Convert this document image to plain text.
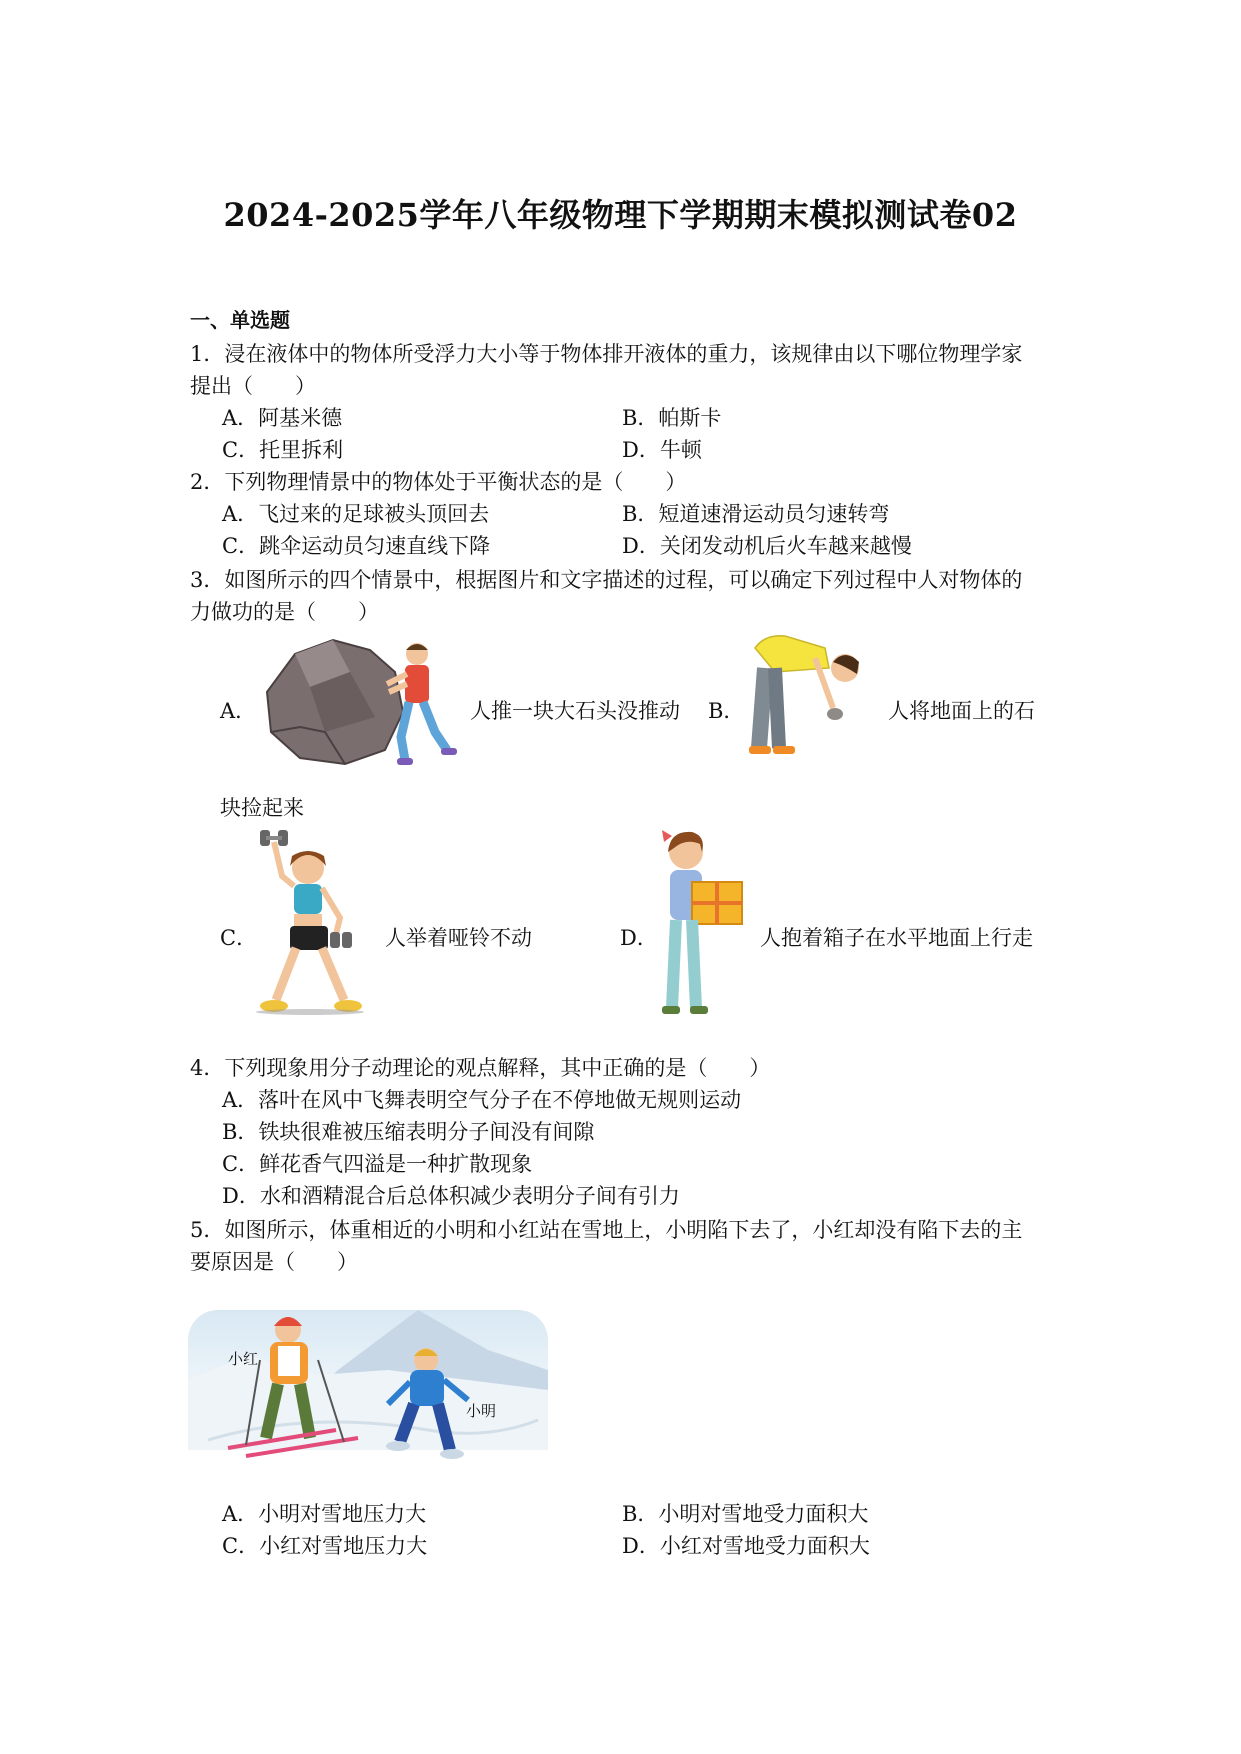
2024-2025学年八年级物理下学期期末模拟测试卷02
一、单选题
1．浸在液体中的物体所受浮力大小等于物体排开液体的重力，该规律由以下哪位物理学家
提出（　　）
A．阿基米德	B．帕斯卡
C．托里拆利	D．牛顿
2．下列物理情景中的物体处于平衡状态的是（　　）
A．飞过来的足球被头顶回去	B．短道速滑运动员匀速转弯
C．跳伞运动员匀速直线下降	D．关闭发动机后火车越来越慢
3．如图所示的四个情景中，根据图片和文字描述的过程，可以确定下列过程中人对物体的
力做功的是（　　）
A．	人推一块大石头没推动 B．	人将地面上的石
块捡起来
C．	人举着哑铃不动	D．	人抱着箱子在水平地面上行走
4．下列现象用分子动理论的观点解释，其中正确的是（　　）
A．落叶在风中飞舞表明空气分子在不停地做无规则运动
B．铁块很难被压缩表明分子间没有间隙
C．鲜花香气四溢是一种扩散现象
D．水和酒精混合后总体积减少表明分子间有引力
5．如图所示，体重相近的小明和小红站在雪地上，小明陷下去了，小红却没有陷下去的主
要原因是（　　）
小红
小明
A．小明对雪地压力大	B．小明对雪地受力面积大
C．小红对雪地压力大	D．小红对雪地受力面积大
